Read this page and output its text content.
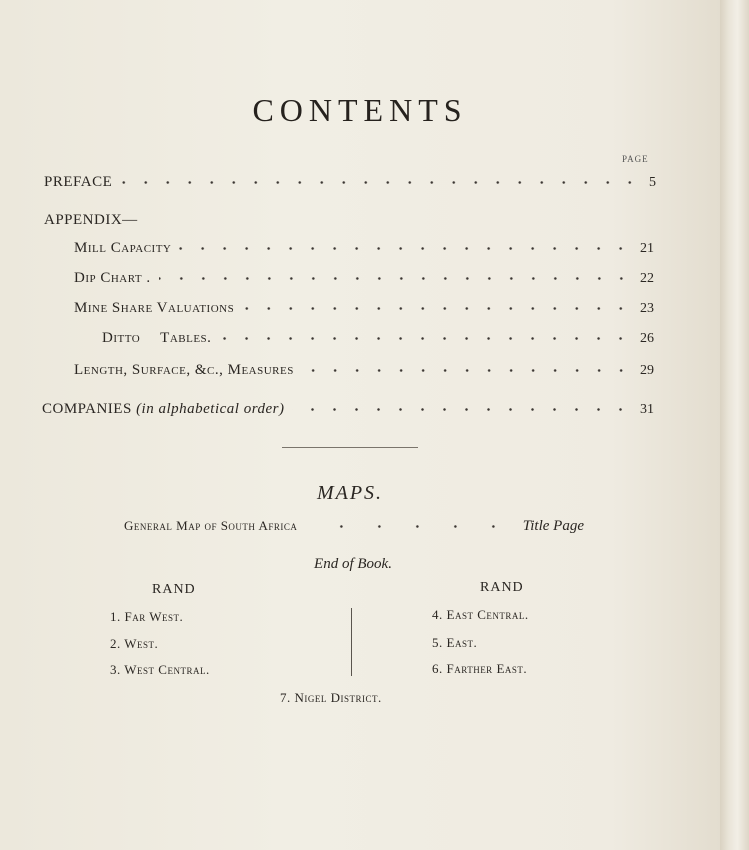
CONTENTS
PAGE
PREFACE	5
APPENDIX—
Mill Capacity	21
Dip Chart .	22
Mine Share Valuations	23
Ditto Tables.	26
Length, Surface, &c., Measures	29
COMPANIES (in alphabetical order)	31
MAPS.
General Map of South Africa	Title Page
End of Book.
RAND	RAND
1. Far West.
2. West.
3. West Central.
4. East Central.
5. East.
6. Farther East.
7. Nigel District.
